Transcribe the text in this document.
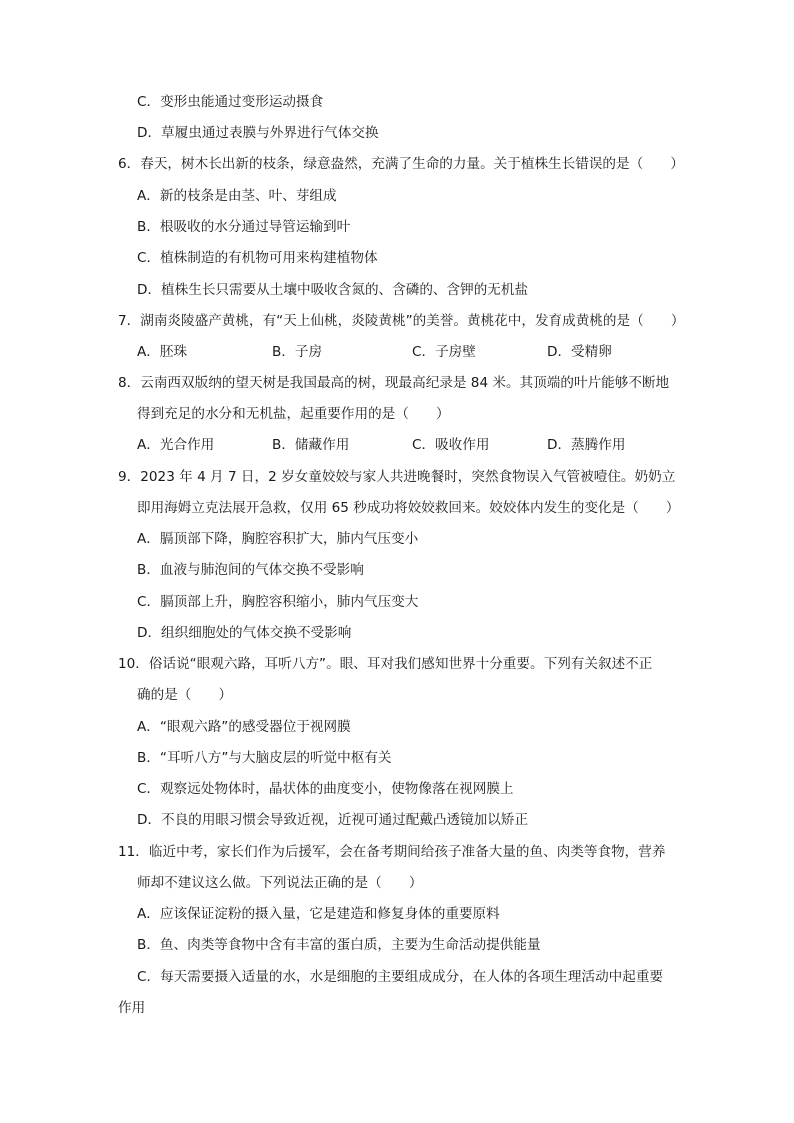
C．变形虫能通过变形运动摄食
D．草履虫通过表膜与外界进行气体交换
6．春天，树木长出新的枝条，绿意盎然，充满了生命的力量。关于植株生长错误的是（　　）
A．新的枝条是由茎、叶、芽组成
B．根吸收的水分通过导管运输到叶
C．植株制造的有机物可用来构建植物体
D．植株生长只需要从土壤中吸收含氮的、含磷的、含钾的无机盐
7．湖南炎陵盛产黄桃，有“天上仙桃，炎陵黄桃”的美誉。黄桃花中，发育成黄桃的是（　　）
A．胚珠	B．子房	C．子房壁	D．受精卵
8．云南西双版纳的望天树是我国最高的树，现最高纪录是 84 米。其顶端的叶片能够不断地
得到充足的水分和无机盐，起重要作用的是（　　）
A．光合作用	B．储藏作用	C．吸收作用	D．蒸腾作用
9．2023 年 4 月 7 日，2 岁女童姣姣与家人共进晚餐时，突然食物误入气管被噎住。奶奶立
即用海姆立克法展开急救，仅用 65 秒成功将姣姣救回来。姣姣体内发生的变化是（　　）
A．膈顶部下降，胸腔容积扩大，肺内气压变小
B．血液与肺泡间的气体交换不受影响
C．膈顶部上升，胸腔容积缩小，肺内气压变大
D．组织细胞处的气体交换不受影响
10．俗话说“眼观六路，耳听八方”。眼、耳对我们感知世界十分重要。下列有关叙述不正
确的是（　　）
A．“眼观六路”的感受器位于视网膜
B．“耳听八方”与大脑皮层的听觉中枢有关
C．观察远处物体时，晶状体的曲度变小，使物像落在视网膜上
D．不良的用眼习惯会导致近视，近视可通过配戴凸透镜加以矫正
11．临近中考，家长们作为后援军，会在备考期间给孩子准备大量的鱼、肉类等食物，营养
师却不建议这么做。下列说法正确的是（　　）
A．应该保证淀粉的摄入量，它是建造和修复身体的重要原料
B．鱼、肉类等食物中含有丰富的蛋白质，主要为生命活动提供能量
C．每天需要摄入适量的水，水是细胞的主要组成成分，在人体的各项生理活动中起重要
作用
